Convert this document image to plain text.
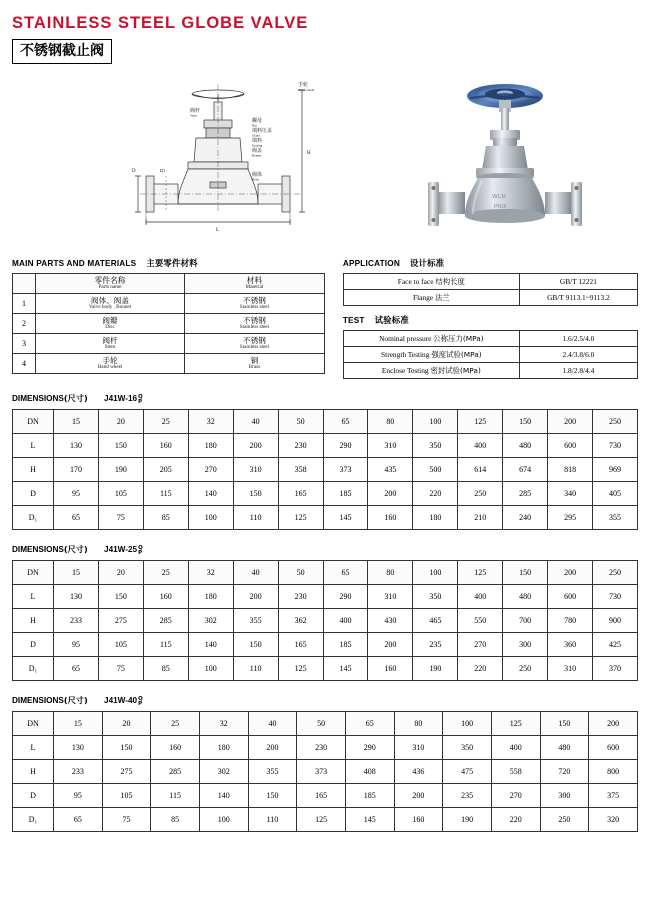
STAINLESS STEEL GLOBE VALVE
不锈钢截止阀
手轮
Hand wheel
螺母
Nut
填料压盖
Gland
填料
Packing
阀盖
Bonnet
阀体
Body
阀杆
Stem
L
H
D	D1
WCB
PN16
MAIN PARTS AND MATERIALS 主要零件材料

	零件名称
Parts name	材料
Material

1	阀体、阀盖
Valve body , Bonnet	不锈钢
Stainless steel

2	阀瓣
Disc	不锈钢
Stainless steel

3	阀杆
Stem	不锈钢
Stainless steel

4	手轮
Hand wheel	铜
Brass
APPLICATION 设计标准
Face to face 结构长度	GB/T 12221
Flange 法兰	GB/T 9113.1~9113.2
TEST 试验标准
Nominal pressure 公称压力(MPa)	1.6/2.5/4.0
Strength Testing 强度试验(MPa)	2.4/3.8/6.0
Enclose Testing 密封试验(MPa)	1.8/2.8/4.4
DIMENSIONS(尺寸) J41W-16 Q
P
DN	15	20	25	32	40	50	65	80	100	125	150	200	250
L	130	150	160	180	200	230	290	310	350	400	480	600	730
H	170	190	205	270	310	358	373	435	500	614	674	818	969
D	95	105	115	140	150	165	185	200	220	250	285	340	405
D₁	65	75	85	100	110	125	145	160	180	210	240	295	355
DIMENSIONS(尺寸) J41W-25 Q
P
DN	15	20	25	32	40	50	65	80	100	125	150	200	250
L	130	150	160	180	200	230	290	310	350	400	480	600	730
H	233	275	285	302	355	362	400	430	465	550	700	780	900
D	95	105	115	140	150	165	185	200	235	270	300	360	425
D₁	65	75	85	100	110	125	145	160	190	220	250	310	370
DIMENSIONS(尺寸) J41W-40 Q
P
DN	15	20	25	32	40	50	65	80	100	125	150	200
L	130	150	160	180	200	230	290	310	350	400	480	600
H	233	275	285	302	355	373	408	436	475	558	720	800
D	95	105	115	140	150	165	185	200	235	270	300	375
D₁	65	75	85	100	110	125	145	160	190	220	250	320
